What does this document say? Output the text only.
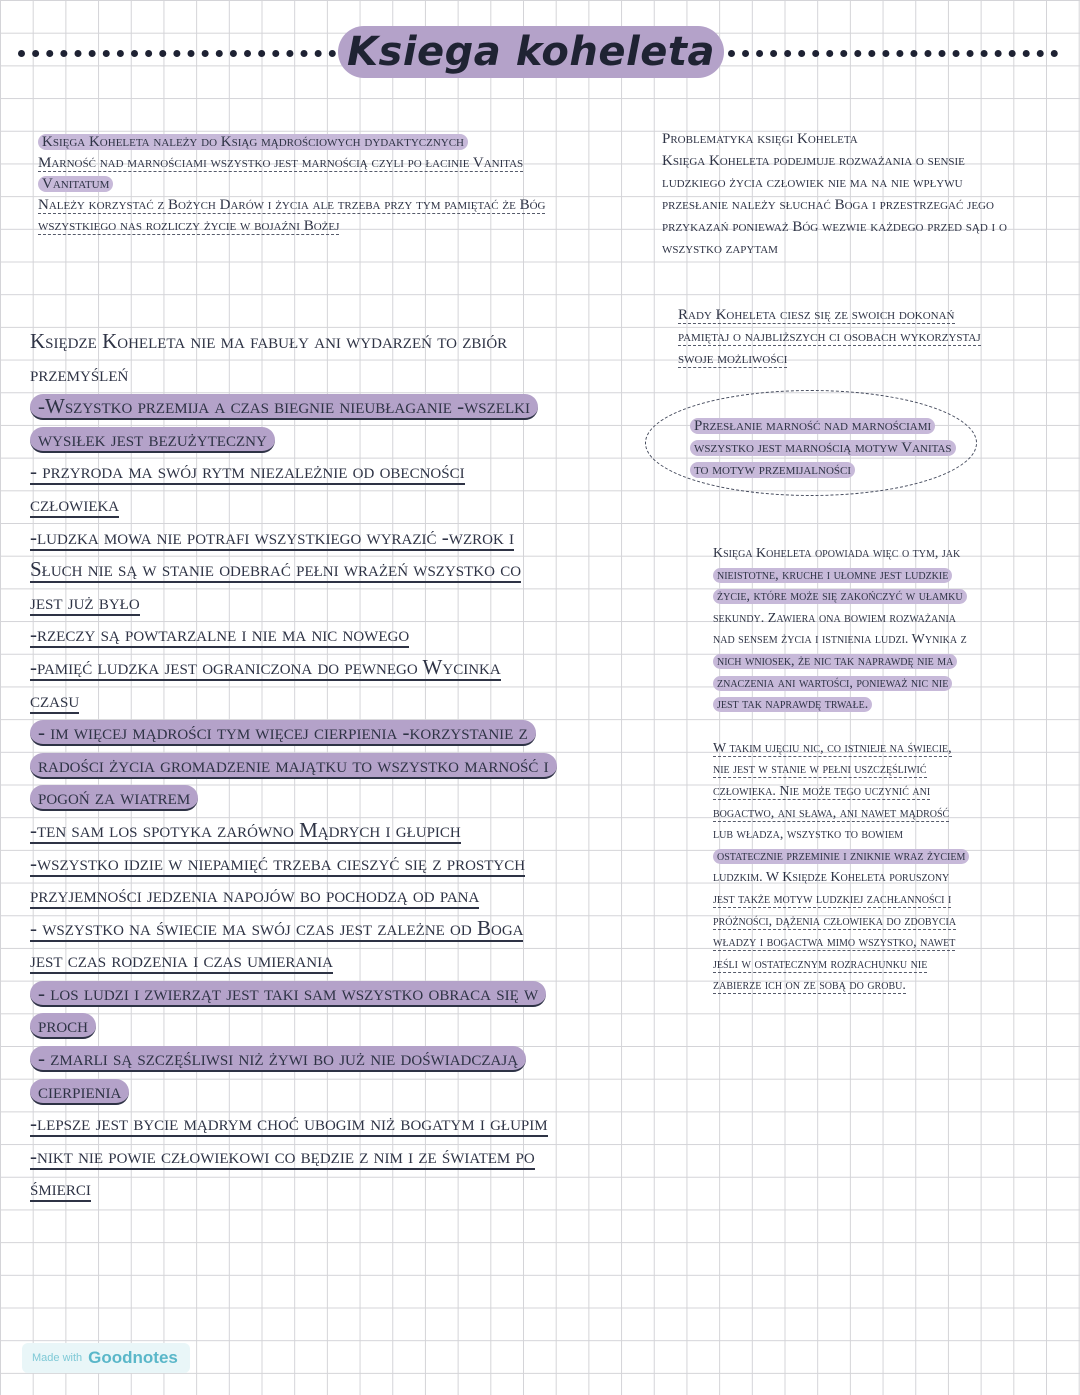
Ksiega koheleta
Księga Koheleta należy do Ksiąg mądrościowych dydaktycznych
Marność nad marnościami wszystko jest marnością czyli po łacinie Vanitas
Vanitatum
Należy korzystać z Bożych Darów i życia ale trzeba przy tym pamiętać że Bóg
wszystkiego nas rozliczy życie w bojaźni Bożej
Problematyka księgi Koheleta
Księga Koheleta podejmuje rozważania o sensie
ludzkiego życia człowiek nie ma na nie wpływu
przesłanie należy słuchać Boga i przestrzegać jego
przykazań ponieważ Bóg wezwie każdego przed sąd i o
wszystko zapytam
Rady Koheleta ciesz się ze swoich dokonań
pamiętaj o najbliższych ci osobach wykorzystaj
swoje możliwości
Przesłanie marność nad marnościami
wszystko jest marnością motyw Vanitas
to motyw przemijalności
Księdze Koheleta nie ma fabuły ani wydarzeń to zbiór
przemyśleń
-Wszystko przemija a czas biegnie nieubłaganie -wszelki
wysiłek jest bezużyteczny
- przyroda ma swój rytm niezależnie od obecności
człowieka
-ludzka mowa nie potrafi wszystkiego wyrazić -wzrok i
Słuch nie są w stanie odebrać pełni wrażeń wszystko co
jest już było
-rzeczy są powtarzalne i nie ma nic nowego
-pamięć ludzka jest ograniczona do pewnego Wycinka
czasu
- im więcej mądrości tym więcej cierpienia -korzystanie z
radości życia gromadzenie majątku to wszystko marność i
pogoń za wiatrem
-ten sam los spotyka zarówno Mądrych i głupich
-wszystko idzie w niepamięć trzeba cieszyć się z prostych
przyjemności jedzenia napojów bo pochodzą od pana
- wszystko na świecie ma swój czas jest zależne od Boga
jest czas rodzenia i czas umierania
- los ludzi i zwierząt jest taki sam wszystko obraca się w
proch
- zmarli są szczęśliwsi niż żywi bo już nie doświadczają
cierpienia
-lepsze jest bycie mądrym choć ubogim niż bogatym i głupim
-nikt nie powie człowiekowi co będzie z nim i ze światem po
śmierci
Księga Koheleta opowiada więc o tym, jak
nieistotne, kruche i ułomne jest ludzkie
życie, które może się zakończyć w ułamku
sekundy. Zawiera ona bowiem rozważania
nad sensem życia i istnienia ludzi. Wynika z
nich wniosek, że nic tak naprawdę nie ma
znaczenia ani wartości, ponieważ nic nie
jest tak naprawdę trwałe.
W takim ujęciu nic, co istnieje na świecie,
nie jest w stanie w pełni uszczęśliwić
człowieka. Nie może tego uczynić ani
bogactwo, ani sława, ani nawet mądrość
lub władza, wszystko to bowiem
ostatecznie przeminie i zniknie wraz życiem
ludzkim. W Księdze Koheleta poruszony
jest także motyw ludzkiej zachłanności i
próżności, dążenia człowieka do zdobycia
władzy i bogactwa mimo wszystko, nawet
jeśli w ostatecznym rozrachunku nie
zabierze ich on ze sobą do grobu.
Made with Goodnotes
